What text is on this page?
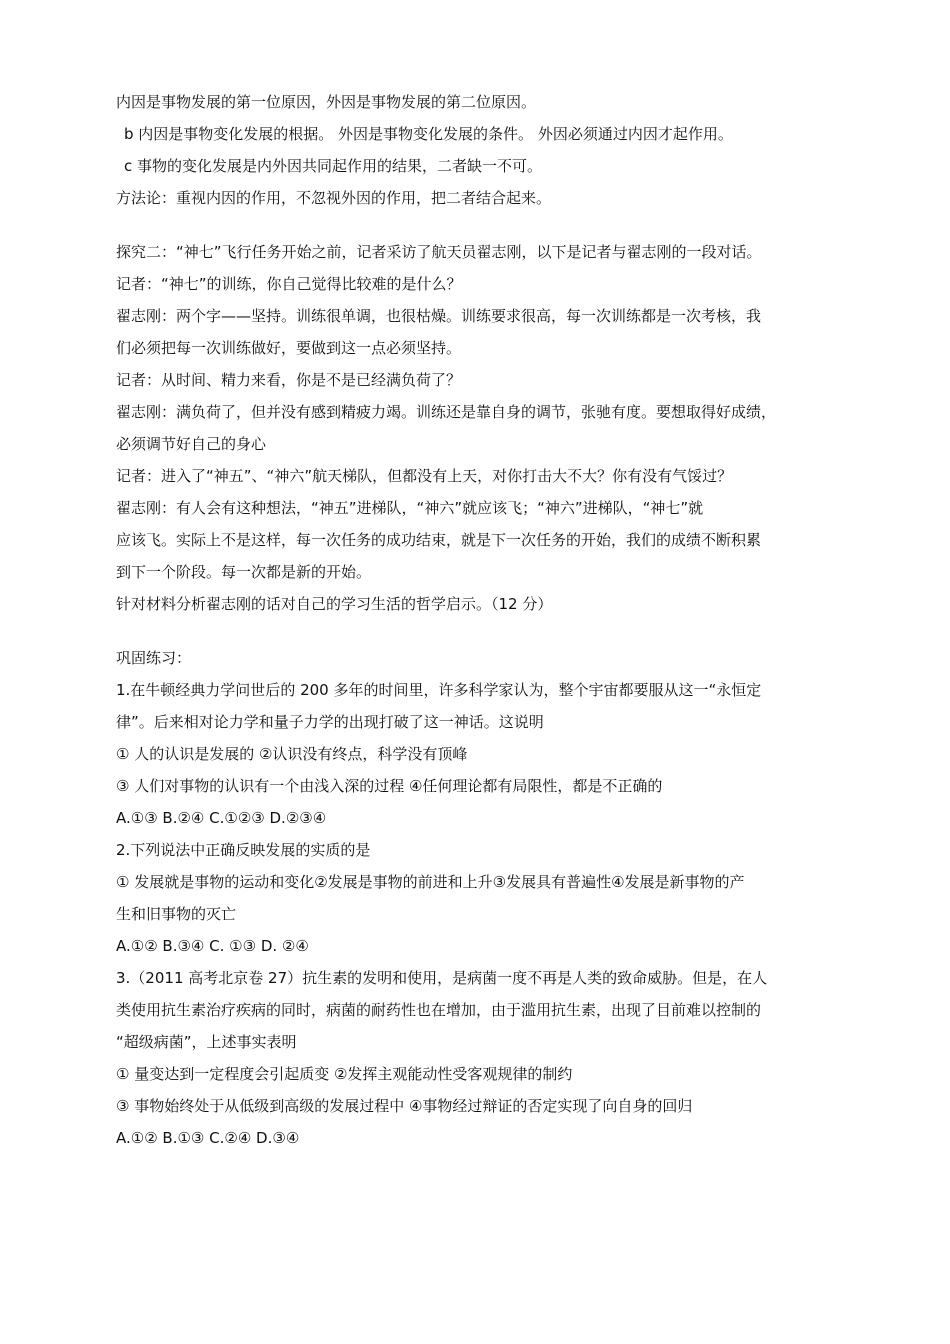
内因是事物发展的第一位原因，外因是事物发展的第二位原因。
b 内因是事物变化发展的根据。 外因是事物变化发展的条件。 外因必须通过内因才起作用。
c 事物的变化发展是内外因共同起作用的结果，二者缺一不可。
方法论：重视内因的作用，不忽视外因的作用，把二者结合起来。
探究二：“神七”飞行任务开始之前，记者采访了航天员翟志刚，以下是记者与翟志刚的一段对话。
记者：“神七”的训练，你自己觉得比较难的是什么？
翟志刚：两个字——坚持。训练很单调，也很枯燥。训练要求很高，每一次训练都是一次考核，我
们必须把每一次训练做好，要做到这一点必须坚持。
记者：从时间、精力来看，你是不是已经满负荷了？
翟志刚：满负荷了，但并没有感到精疲力竭。训练还是靠自身的调节，张驰有度。要想取得好成绩，
必须调节好自己的身心
记者：进入了“神五”、“神六”航天梯队，但都没有上天，对你打击大不大？你有没有气馁过？
翟志刚：有人会有这种想法，“神五”进梯队，“神六”就应该飞；“神六”进梯队，“神七”就
应该飞。实际上不是这样，每一次任务的成功结束，就是下一次任务的开始，我们的成绩不断积累
到下一个阶段。每一次都是新的开始。
针对材料分析翟志刚的话对自己的学习生活的哲学启示。（12 分）
巩固练习：
1.在牛顿经典力学问世后的 200 多年的时间里，许多科学家认为，整个宇宙都要服从这一“永恒定
律”。后来相对论力学和量子力学的出现打破了这一神话。这说明
① 人的认识是发展的 ②认识没有终点，科学没有顶峰
③ 人们对事物的认识有一个由浅入深的过程 ④任何理论都有局限性，都是不正确的
A.①③ B.②④ C.①②③ D.②③④
2.下列说法中正确反映发展的实质的是
① 发展就是事物的运动和变化②发展是事物的前进和上升③发展具有普遍性④发展是新事物的产
生和旧事物的灭亡
A.①② B.③④ C. ①③ D. ②④
3.（2011 高考北京卷 27）抗生素的发明和使用，是病菌一度不再是人类的致命威胁。但是，在人
类使用抗生素治疗疾病的同时，病菌的耐药性也在增加，由于滥用抗生素，出现了目前难以控制的
“超级病菌”，上述事实表明
① 量变达到一定程度会引起质变 ②发挥主观能动性受客观规律的制约
③ 事物始终处于从低级到高级的发展过程中 ④事物经过辩证的否定实现了向自身的回归
A.①② B.①③ C.②④ D.③④
